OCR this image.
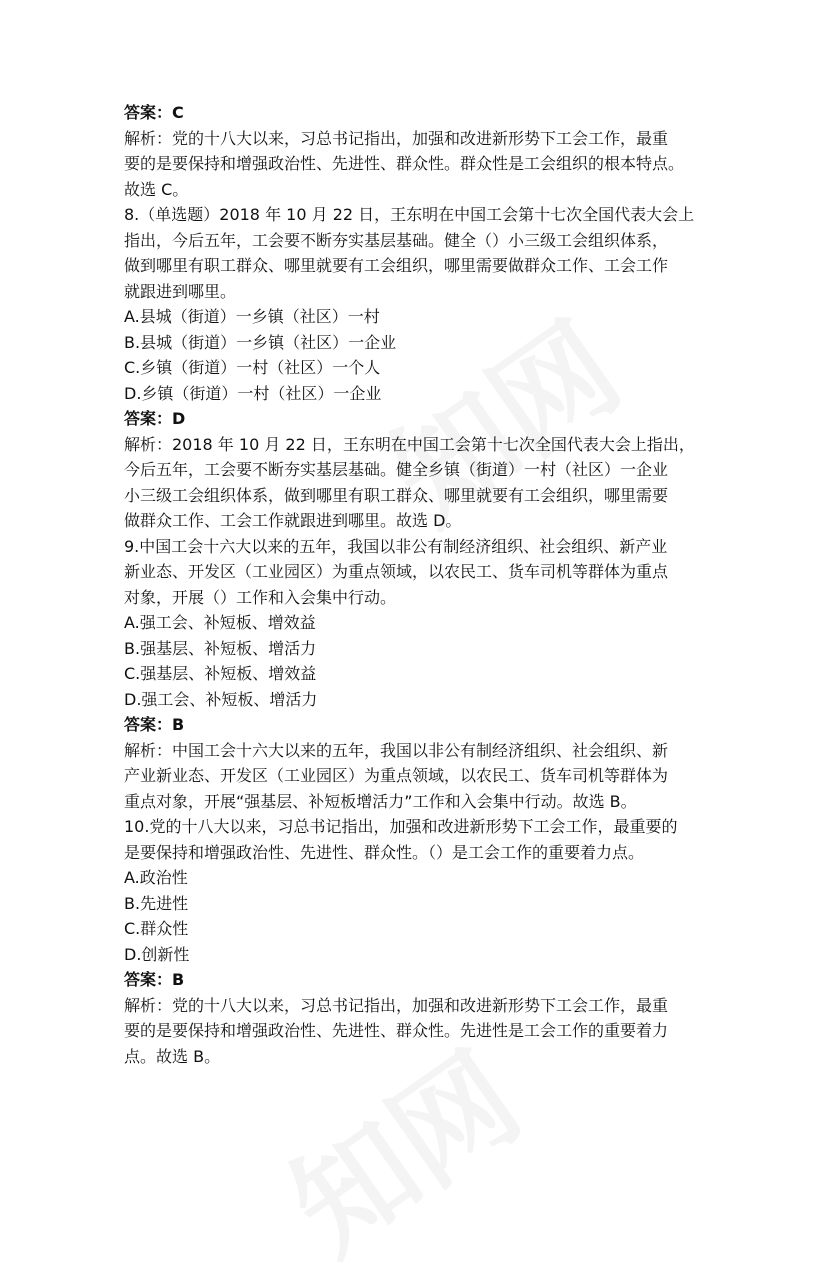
答案：C
解析：党的十八大以来，习总书记指出，加强和改进新形势下工会工作，最重
要的是要保持和增强政治性、先进性、群众性。群众性是工会组织的根本特点。
故选 C。
8.（单选题）2018 年 10 月 22 日，王东明在中国工会第十七次全国代表大会上
指出，今后五年，工会要不断夯实基层基础。健全（）小三级工会组织体系，
做到哪里有职工群众、哪里就要有工会组织，哪里需要做群众工作、工会工作
就跟进到哪里。
A.县城（街道）一乡镇（社区）一村
B.县城（街道）一乡镇（社区）一企业
C.乡镇（街道）一村（社区）一个人
D.乡镇（街道）一村（社区）一企业
答案：D
解析：2018 年 10 月 22 日，王东明在中国工会第十七次全国代表大会上指出，
今后五年，工会要不断夯实基层基础。健全乡镇（街道）一村（社区）一企业
小三级工会组织体系，做到哪里有职工群众、哪里就要有工会组织，哪里需要
做群众工作、工会工作就跟进到哪里。故选 D。
9.中国工会十六大以来的五年，我国以非公有制经济组织、社会组织、新产业
新业态、开发区（工业园区）为重点领域，以农民工、货车司机等群体为重点
对象，开展（）工作和入会集中行动。
A.强工会、补短板、增效益
B.强基层、补短板、增活力
C.强基层、补短板、增效益
D.强工会、补短板、增活力
答案：B
解析：中国工会十六大以来的五年，我国以非公有制经济组织、社会组织、新
产业新业态、开发区（工业园区）为重点领域，以农民工、货车司机等群体为
重点对象，开展“强基层、补短板增活力”工作和入会集中行动。故选 B。
10.党的十八大以来，习总书记指出，加强和改进新形势下工会工作，最重要的
是要保持和增强政治性、先进性、群众性。（）是工会工作的重要着力点。
A.政治性
B.先进性
C.群众性
D.创新性
答案：B
解析：党的十八大以来，习总书记指出，加强和改进新形势下工会工作，最重
要的是要保持和增强政治性、先进性、群众性。先进性是工会工作的重要着力
点。故选 B。
